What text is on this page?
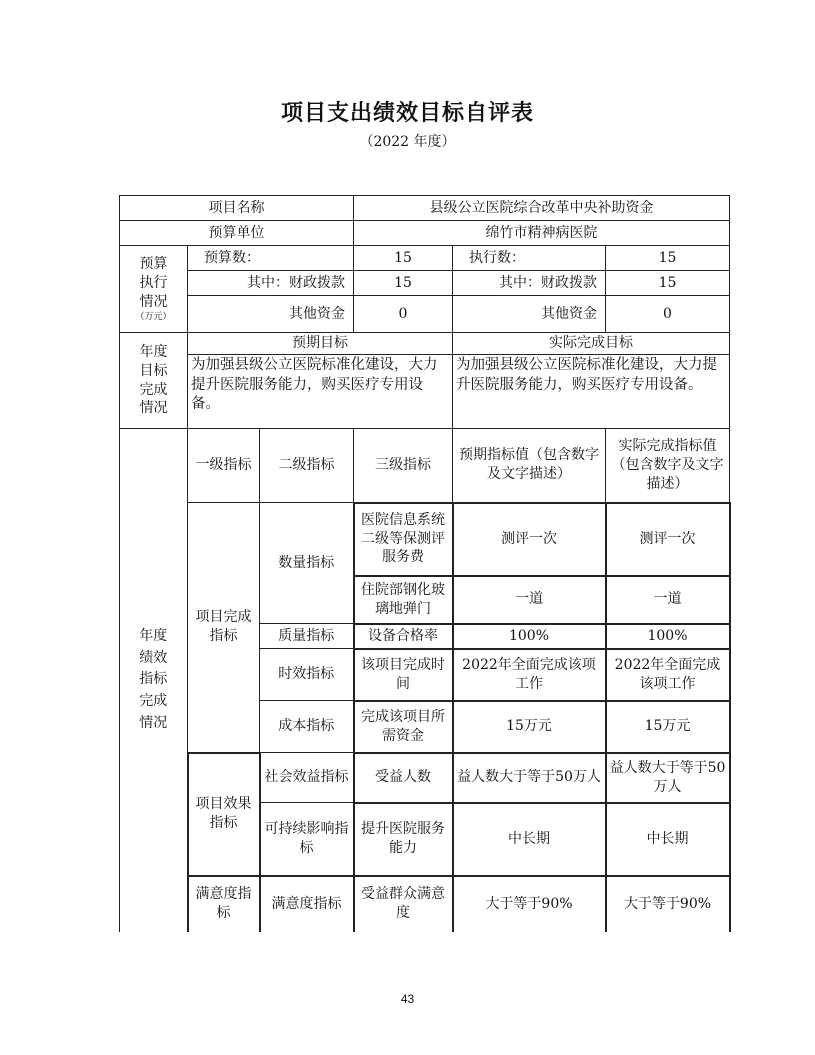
项目支出绩效目标自评表
（2022 年度）
项目名称			县级公立医院综合改革中央补助资金		
预算单位			绵竹市精神病医院		
预算执行情况
（万元）	预算数：		15	执行数：	15
	其中：财政拨款		15	其中：财政拨款	15
	其他资金		0	其他资金	0
年度目标完成情况	预期目标			实际完成目标	
	为加强县级公立医院标准化建设，大力提升医院服务能力，购买医疗专用设备。			为加强县级公立医院标准化建设，大力提升医院服务能力，购买医疗专用设备。	
年度绩效指标完成情况	一级指标	二级指标	三级指标	预期指标值（包含数字及文字描述）	实际完成指标值（包含数字及文字描述）
	项目完成指标	数量指标	医院信息系统二级等保测评服务费	测评一次	测评一次
			住院部钢化玻璃地弹门	一道	一道
		质量指标	设备合格率	100%	100%
		时效指标	该项目完成时间	2022年全面完成该项工作	2022年全面完成该项工作
		成本指标	完成该项目所需资金	15万元	15万元
	项目效果指标	社会效益指标	受益人数	益人数大于等于50万人	益人数大于等于50万人
		可持续影响指标	提升医院服务能力	中长期	中长期
	满意度指标	满意度指标	受益群众满意度	大于等于90%	大于等于90%
43
